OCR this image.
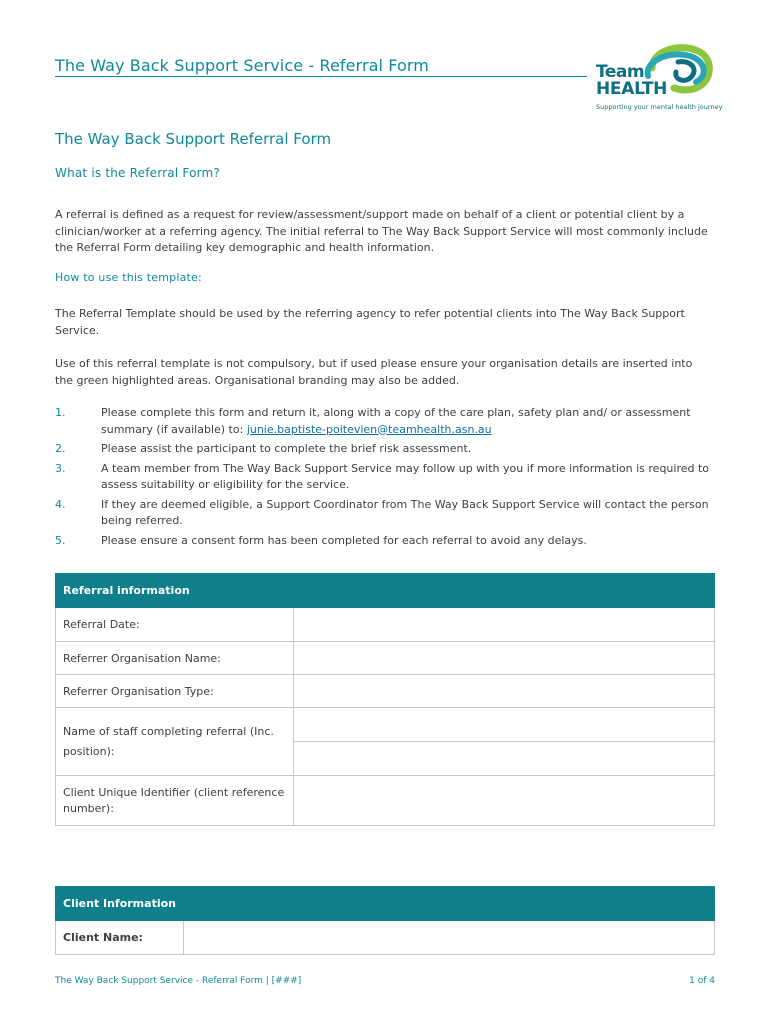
The Way Back Support Service - Referral Form	Team
HEALTH
Supporting your mental health journey
The Way Back Support Referral Form
What is the Referral Form?
A referral is defined as a request for review/assessment/support made on behalf of a client or potential client by a clinician/worker at a referring agency. The initial referral to The Way Back Support Service will most commonly include the Referral Form detailing key demographic and health information.
How to use this template:
The Referral Template should be used by the referring agency to refer potential clients into The Way Back Support Service.
Use of this referral template is not compulsory, but if used please ensure your organisation details are inserted into the green highlighted areas. Organisational branding may also be added.
1.	Please complete this form and return it, along with a copy of the care plan, safety plan and/ or assessment summary (if available) to: junie.baptiste-poitevien@teamhealth.asn.au
2.	Please assist the participant to complete the brief risk assessment.
3.	A team member from The Way Back Support Service may follow up with you if more information is required to assess suitability or eligibility for the service.
4.	If they are deemed eligible, a Support Coordinator from The Way Back Support Service will contact the person being referred.
5.	Please ensure a consent form has been completed for each referral to avoid any delays.
Referral information	
Referral Date:	
Referrer Organisation Name:	
Referrer Organisation Type:	
Name of staff completing referral (Inc. position):	

Client Unique Identifier (client reference number):	
Client Information	
Client Name:	
The Way Back Support Service - Referral Form | [###]	1 of 4
